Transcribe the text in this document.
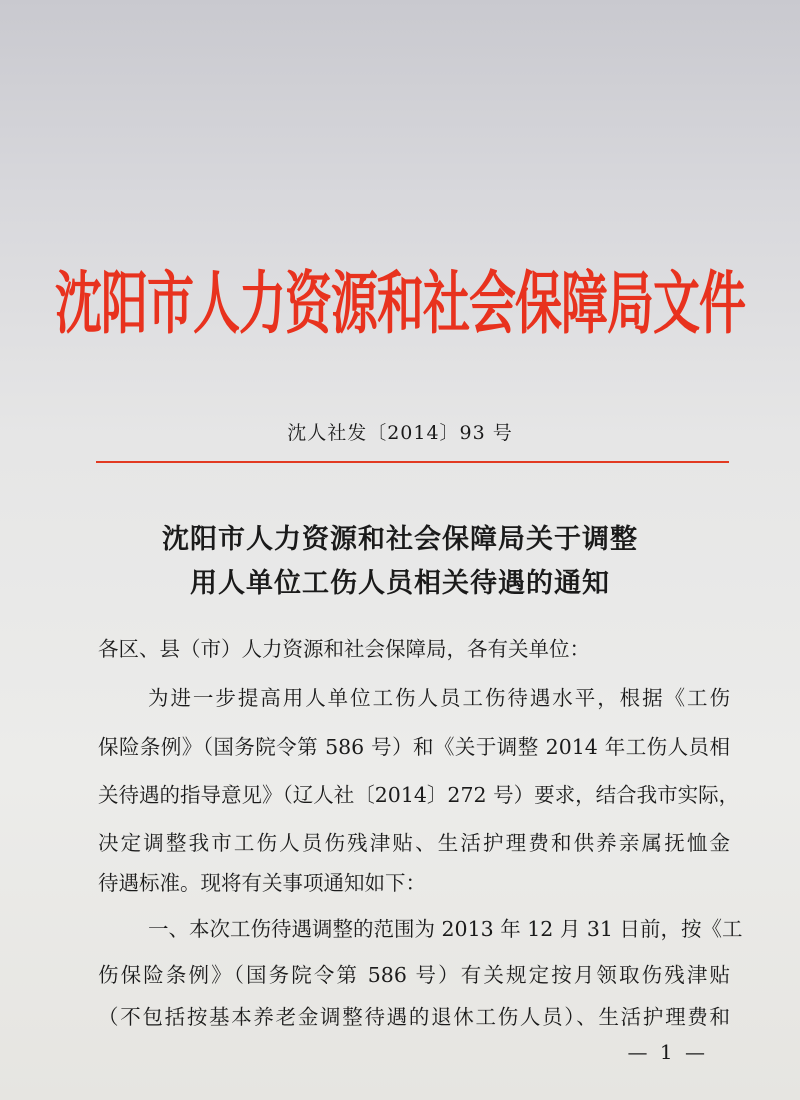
沈阳市人力资源和社会保障局文件
沈人社发〔2014〕93 号
沈阳市人力资源和社会保障局关于调整
用人单位工伤人员相关待遇的通知
各区、县（市）人力资源和社会保障局，各有关单位：
为进一步提高用人单位工伤人员工伤待遇水平，根据《工伤
保险条例》（国务院令第 586 号）和《关于调整 2014 年工伤人员相
关待遇的指导意见》（辽人社〔2014〕272 号）要求，结合我市实际，
决定调整我市工伤人员伤残津贴、生活护理费和供养亲属抚恤金
待遇标准。现将有关事项通知如下：
一、本次工伤待遇调整的范围为 2013 年 12 月 31 日前，按《工
伤保险条例》（国务院令第 586 号）有关规定按月领取伤残津贴
（不包括按基本养老金调整待遇的退休工伤人员）、生活护理费和
— 1 —
